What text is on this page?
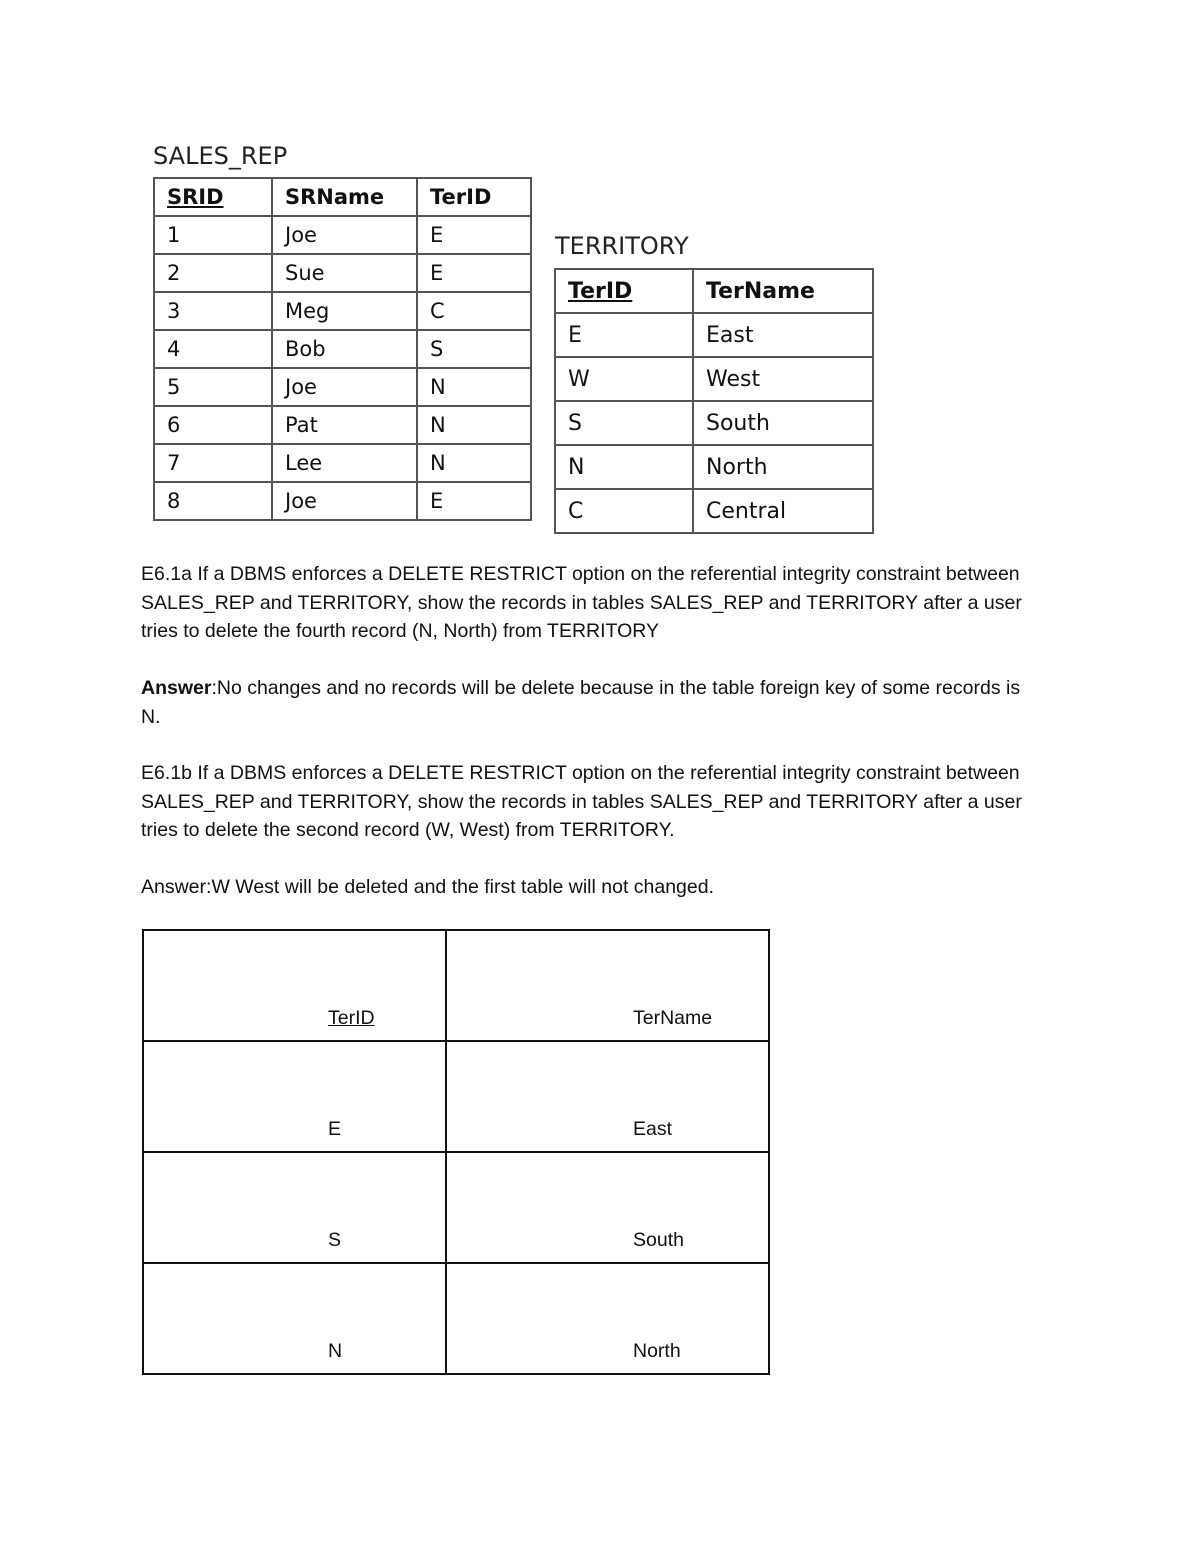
SALES_REP
SRID	SRName	TerID
1	Joe	E
2	Sue	E
3	Meg	C
4	Bob	S
5	Joe	N
6	Pat	N
7	Lee	N
8	Joe	E
TERRITORY
TerID	TerName
E	East
W	West
S	South
N	North
C	Central
E6.1a If a DBMS enforces a DELETE RESTRICT option on the referential integrity constraint between SALES_REP and TERRITORY, show the records in tables SALES_REP and TERRITORY after a user tries to delete the fourth record (N, North) from TERRITORY
Answer:No changes and no records will be delete because in the table foreign key of some records is N.
E6.1b If a DBMS enforces a DELETE RESTRICT option on the referential integrity constraint between SALES_REP and TERRITORY, show the records in tables SALES_REP and TERRITORY after a user tries to delete the second record (W, West) from TERRITORY.
Answer:W West will be deleted and the first table will not changed.
TerID	TerName
E	East
S	South
N	North
